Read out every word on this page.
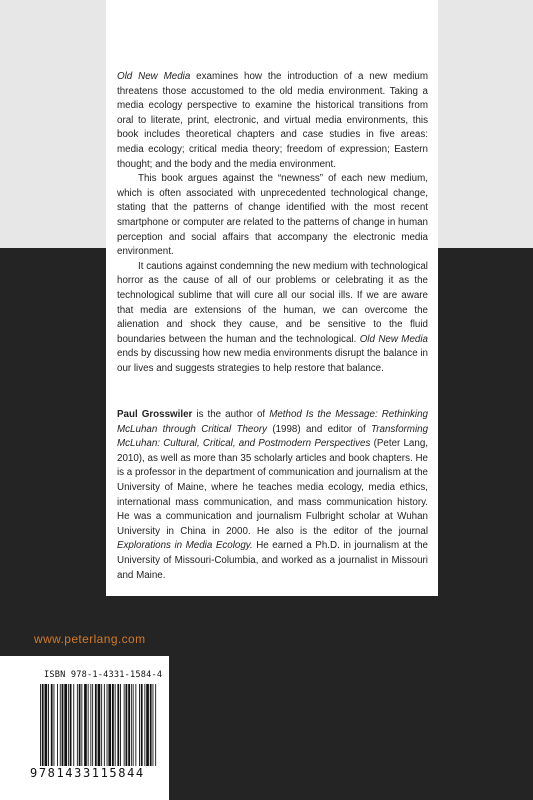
Old New Media examines how the introduction of a new medium threatens those accustomed to the old media environment. Taking a media ecology perspective to examine the historical transitions from oral to literate, print, electronic, and virtual media environments, this book includes theoretical chapters and case studies in five areas: media ecology; critical media theory; freedom of expression; Eastern thought; and the body and the media environment.

This book argues against the “newness” of each new medium, which is often associated with unprecedented technological change, stating that the patterns of change identified with the most recent smartphone or computer are related to the patterns of change in human perception and social affairs that accompany the electronic media environment.

It cautions against condemning the new medium with technological horror as the cause of all of our problems or celebrating it as the technological sublime that will cure all our social ills. If we are aware that media are extensions of the human, we can overcome the alienation and shock they cause, and be sensitive to the fluid boundaries between the human and the technological. Old New Media ends by discussing how new media environments disrupt the balance in our lives and suggests strategies to help restore that balance.

Paul Grosswiler is the author of Method Is the Message: Rethinking McLuhan through Critical Theory (1998) and editor of Transforming McLuhan: Cultural, Critical, and Postmodern Perspectives (Peter Lang, 2010), as well as more than 35 scholarly articles and book chapters. He is a professor in the department of communication and journalism at the University of Maine, where he teaches media ecology, media ethics, international mass communication, and mass communication history. He was a communication and journalism Fulbright scholar at Wuhan University in China in 2000. He also is the editor of the journal Explorations in Media Ecology. He earned a Ph.D. in journalism at the University of Missouri-Columbia, and worked as a journalist in Missouri and Maine.

www.peterlang.com
ISBN 978-1-4331-1584-4
9781433115844
